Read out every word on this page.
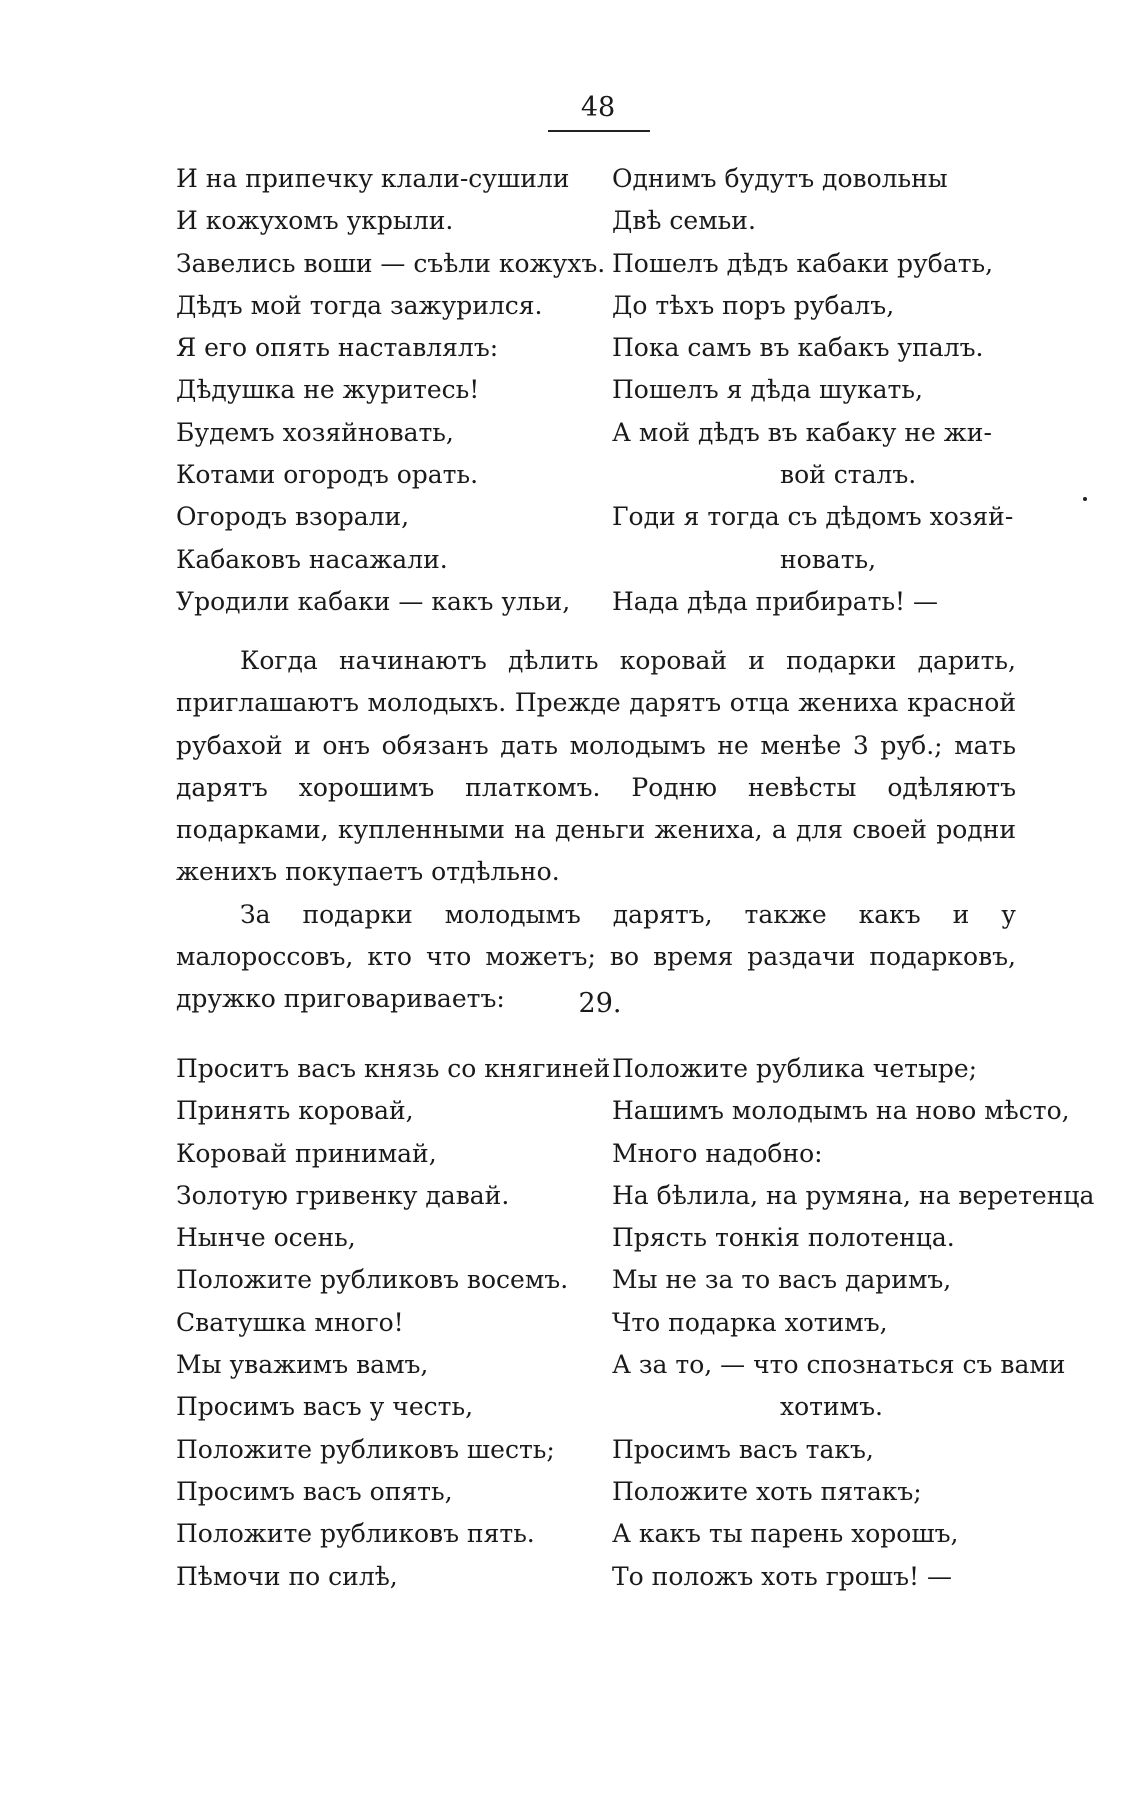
48
И на припечку клали-сушили
И кожухомъ укрыли.
Завелись воши — съѣли кожухъ.
Дѣдъ мой тогда зажурился.
Я его опять наставлялъ:
Дѣдушка не журитесь!
Будемъ хозяйновать,
Котами огородъ орать.
Огородъ взорали,
Кабаковъ насажали.
Уродили кабаки — какъ ульи,
Однимъ будутъ довольны
Двѣ семьи.
Пошелъ дѣдъ кабаки рубать,
До тѣхъ поръ рубалъ,
Пока самъ въ кабакъ упалъ.
Пошелъ я дѣда шукать,
А мой дѣдъ въ кабаку не жи-
вой сталъ.
Годи я тогда съ дѣдомъ хозяй-
новать,
Нада дѣда прибирать! —

Когда начинаютъ дѣлить коровай и подарки дарить, приглашаютъ молодыхъ. Прежде дарятъ отца жениха красной рубахой и онъ обязанъ дать молодымъ не менѣе 3 руб.; мать дарятъ хорошимъ платкомъ. Родню невѣсты одѣляютъ подарками, купленными на деньги жениха, а для своей родни женихъ покупаетъ отдѣльно.

За подарки молодымъ дарятъ, также какъ и у малороссовъ, кто что можетъ; во время раздачи подарковъ, дружко приговариваетъ:	29.
Проситъ васъ князь со княгиней
Принять коровай,
Коровай принимай,
Золотую гривенку давай.
Нынче осень,
Положите рубликовъ восемъ.
Сватушка много!
Мы уважимъ вамъ,
Просимъ васъ у честь,
Положите рубликовъ шесть;
Просимъ васъ опять,
Положите рубликовъ пять.
Пѣмочи по силѣ,
Положите рублика четыре;
Нашимъ молодымъ на ново мѣсто,
Много надобно:
На бѣлила, на румяна, на веретенца
Прясть тонкія полотенца.
Мы не за то васъ даримъ,
Что подарка хотимъ,
А за то, — что спознаться съ вами
хотимъ.
Просимъ васъ такъ,
Положите хоть пятакъ;
А какъ ты парень хорошъ,
То положъ хоть грошъ! —
